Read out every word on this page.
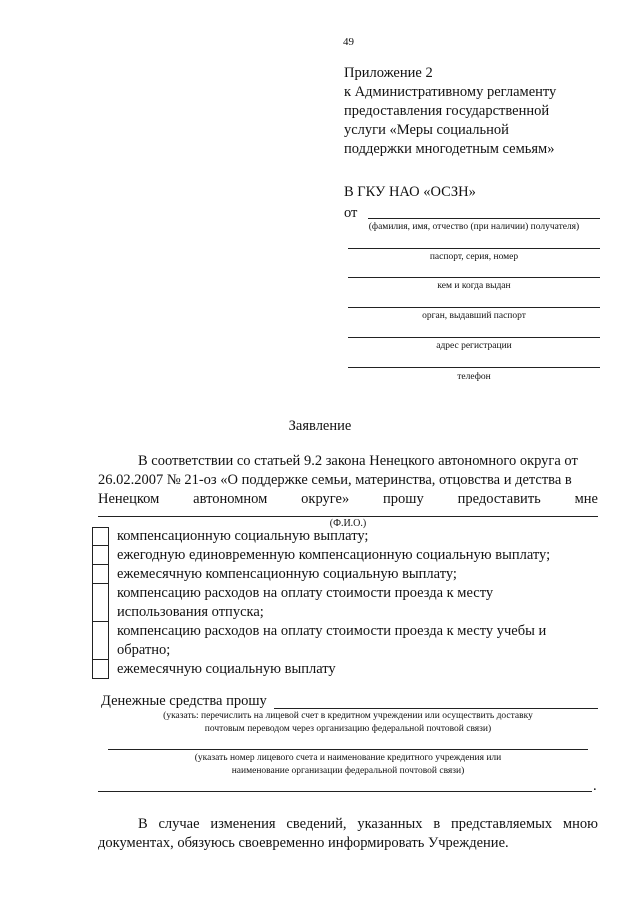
49
Приложение 2
к Административному регламенту
предоставления государственной
услуги «Меры социальной
поддержки многодетным семьям»
В ГКУ НАО «ОСЗН»
от
(фамилия, имя, отчество (при наличии) получателя)
паспорт, серия, номер
кем и когда выдан
орган, выдавший паспорт
адрес регистрации
телефон
Заявление
В соответствии со статьей 9.2 закона Ненецкого автономного округа от
26.02.2007 № 21-оз «О поддержке семьи, материнства, отцовства и детства в
Ненецком автономном округе» прошу предоставить мне
(Ф.И.О.)
компенсационную социальную выплату;
ежегодную единовременную компенсационную социальную выплату;
ежемесячную компенсационную социальную выплату;
компенсацию расходов на оплату стоимости проезда к месту
использования отпуска;
компенсацию расходов на оплату стоимости проезда к месту учебы и
обратно;
ежемесячную социальную выплату
Денежные средства прошу
(указать: перечислить на лицевой счет в кредитном учреждении или осуществить доставку
почтовым переводом через организацию федеральной почтовой связи)
(указать номер лицевого счета и наименование кредитного учреждения или
наименование организации федеральной почтовой связи)
.
В случае изменения сведений, указанных в представляемых мною
документах, обязуюсь своевременно информировать Учреждение.
